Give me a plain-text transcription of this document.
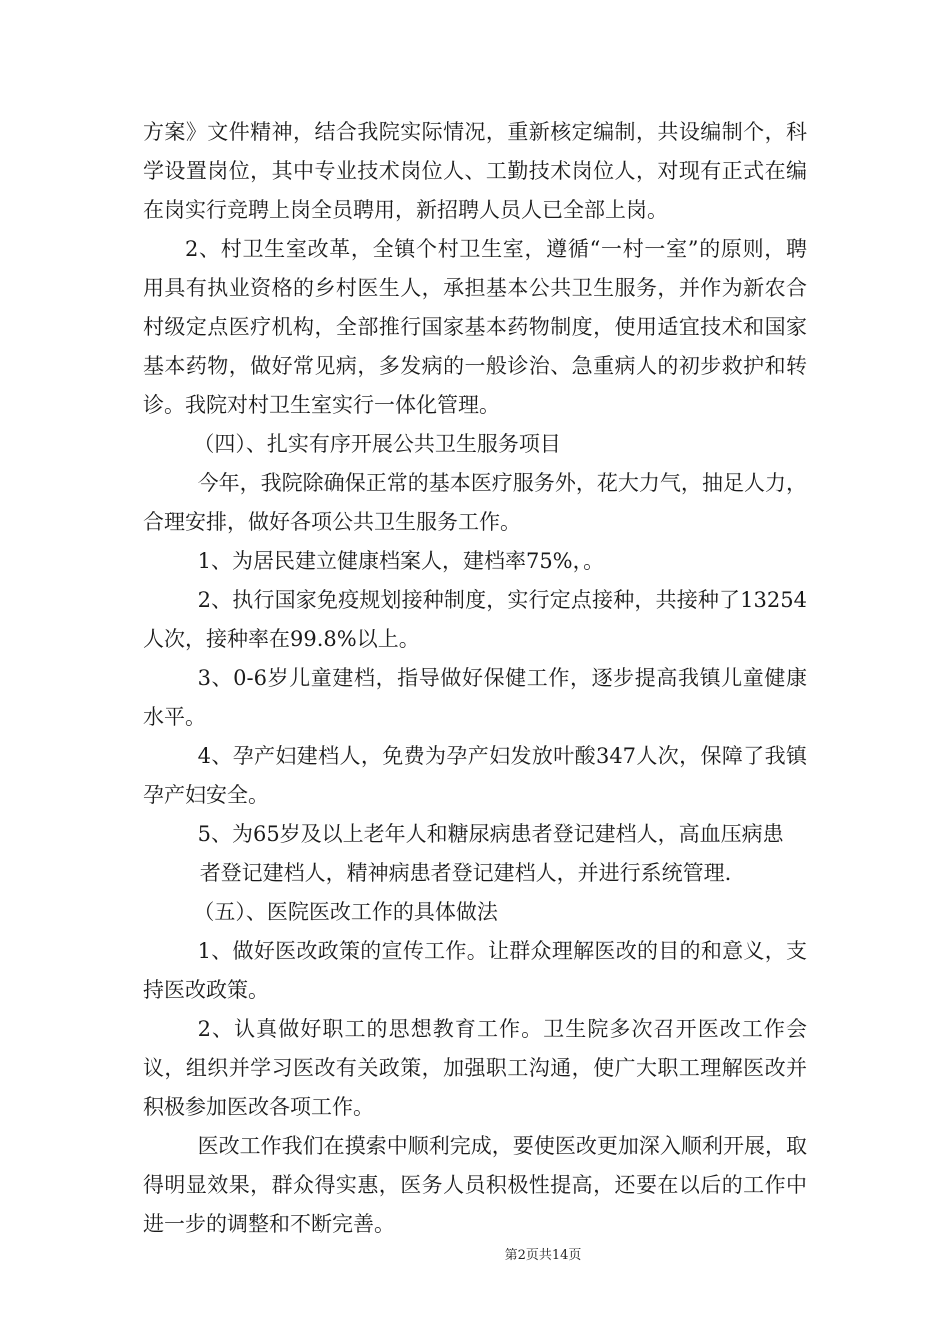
方案》文件精神，结合我院实际情况，重新核定编制，共设编制个，科学设置岗位，其中专业技术岗位人、工勤技术岗位人，对现有正式在编在岗实行竞聘上岗全员聘用，新招聘人员人已全部上岗。

2、村卫生室改革，全镇个村卫生室，遵循“一村一室”的原则，聘用具有执业资格的乡村医生人，承担基本公共卫生服务，并作为新农合村级定点医疗机构，全部推行国家基本药物制度，使用适宜技术和国家基本药物，做好常见病，多发病的一般诊治、急重病人的初步救护和转诊。我院对村卫生室实行一体化管理。

（四）、扎实有序开展公共卫生服务项目

今年，我院除确保正常的基本医疗服务外，花大力气，抽足人力，合理安排，做好各项公共卫生服务工作。

1、为居民建立健康档案人，建档率75%，。

2、执行国家免疫规划接种制度，实行定点接种，共接种了13254人次，接种率在99.8%以上。

3、0-6岁儿童建档，指导做好保健工作，逐步提高我镇儿童健康水平。

4、孕产妇建档人，免费为孕产妇发放叶酸347人次，保障了我镇孕产妇安全。

5、为65岁及以上老年人和糖尿病患者登记建档人，高血压病患

者登记建档人，精神病患者登记建档人，并进行系统管理.

（五）、医院医改工作的具体做法

1、做好医改政策的宣传工作。让群众理解医改的目的和意义，支持医改政策。

2、认真做好职工的思想教育工作。卫生院多次召开医改工作会议，组织并学习医改有关政策，加强职工沟通，使广大职工理解医改并积极参加医改各项工作。

医改工作我们在摸索中顺利完成，要使医改更加深入顺利开展，取得明显效果，群众得实惠，医务人员积极性提高，还要在以后的工作中进一步的调整和不断完善。

第2页共14页
